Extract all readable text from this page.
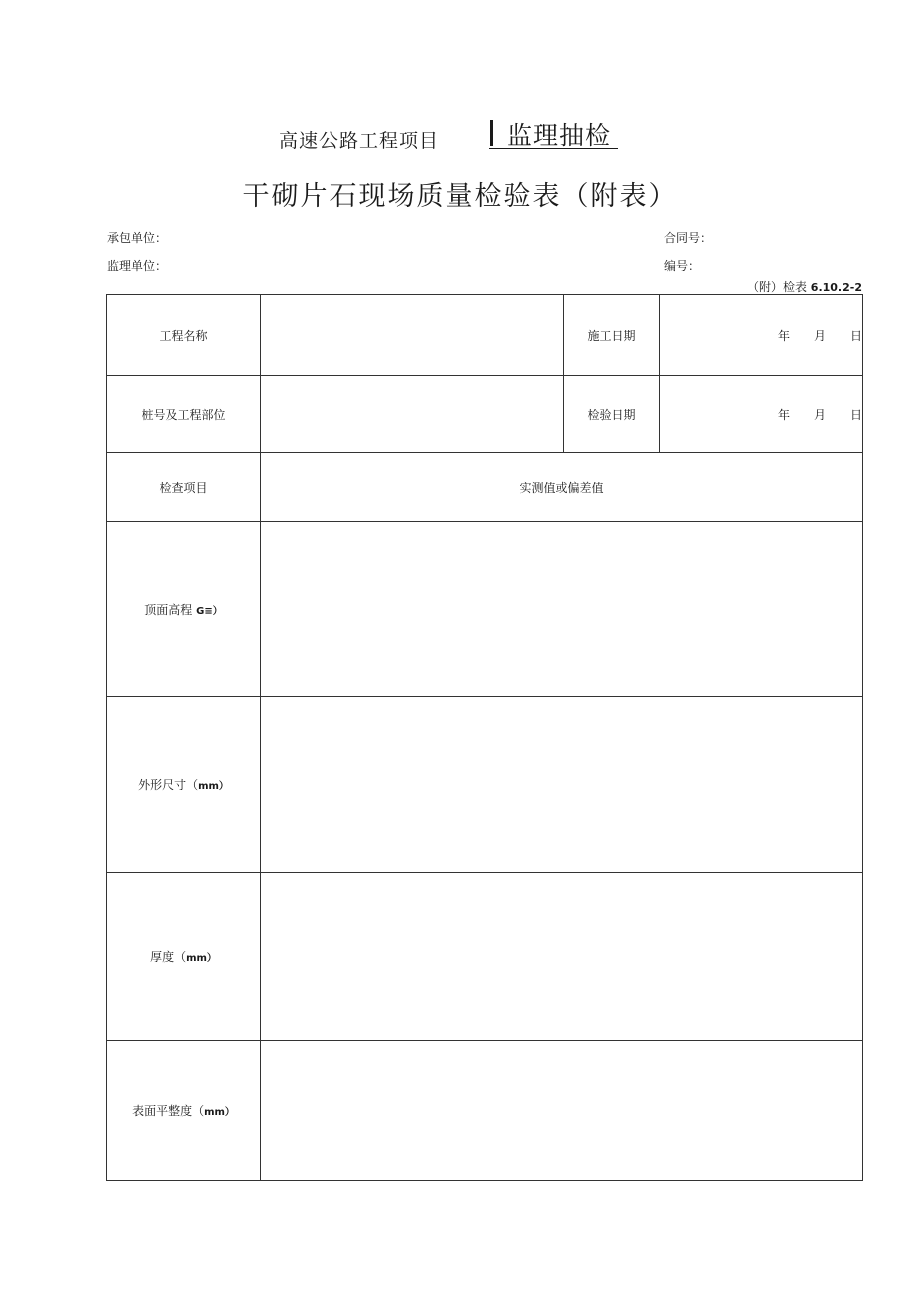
高速公路工程项目	监理抽检
干砌片石现场质量检验表（附表）
承包单位：	合同号：
监理单位：	编号：
（附）检表 6.10.2-2
工程名称		施工日期	年 月 日
桩号及工程部位		检验日期	年 月 日
检查项目	实测值或偏差值		
顶面高程 G≡）			
外形尺寸（mm）			
厚度（mm）			
表面平整度（mm）			
